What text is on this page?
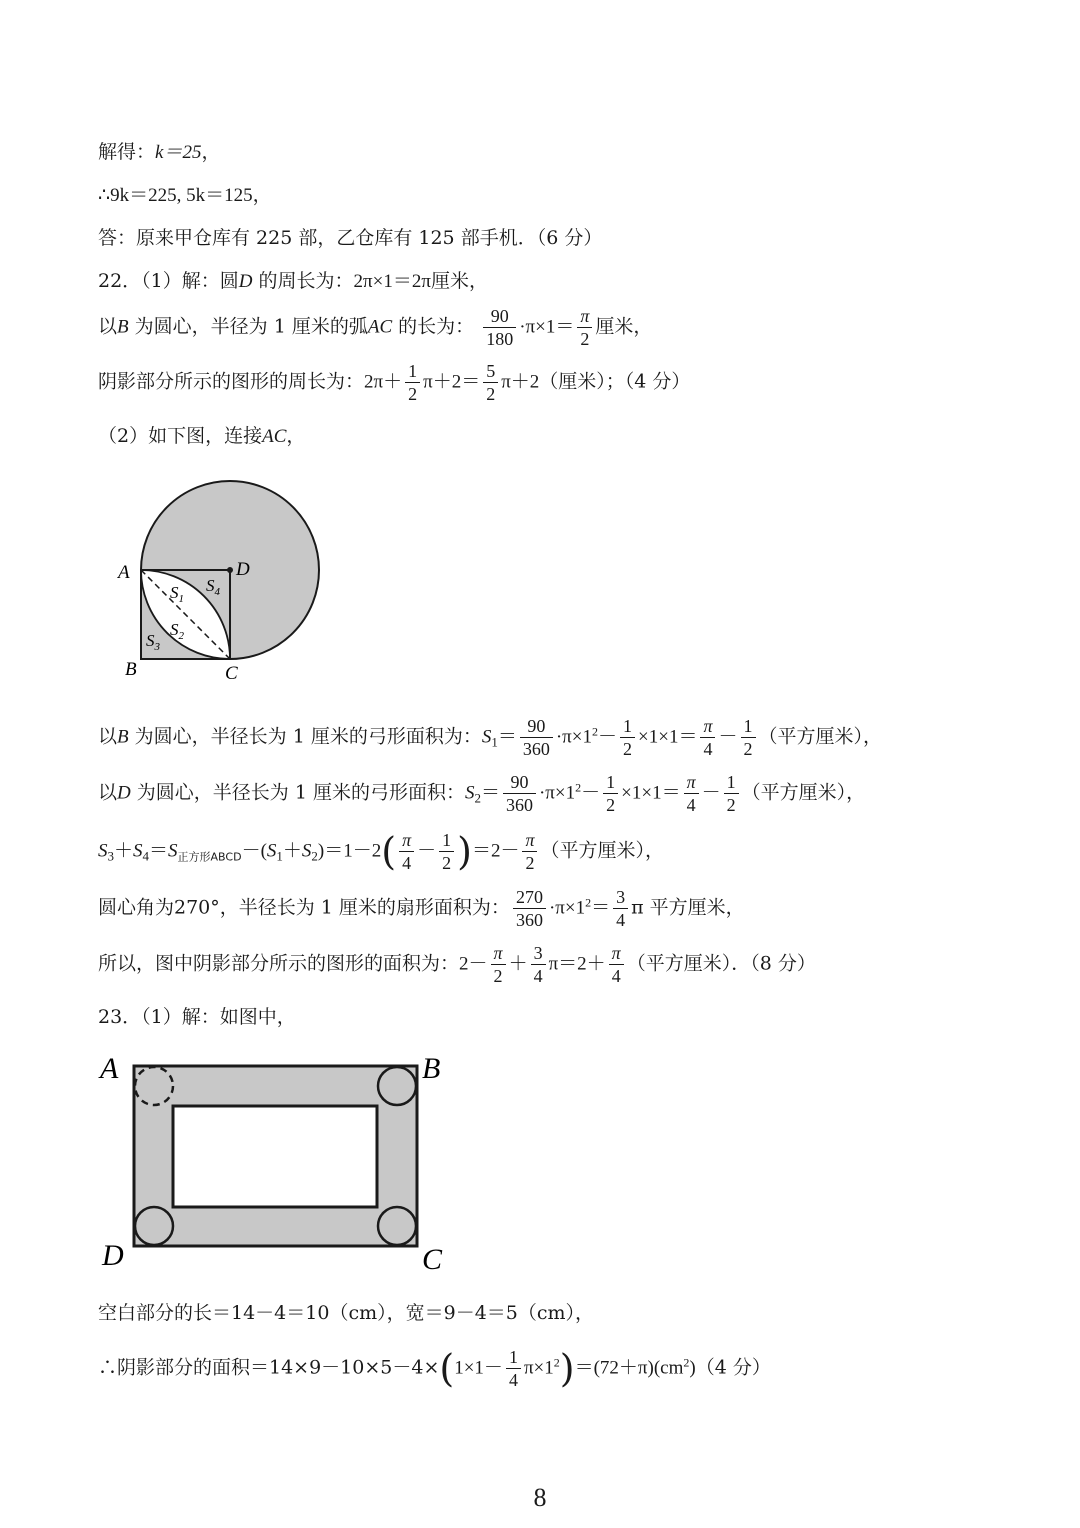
解得：k＝25，
∴9k＝225, 5k＝125，
答：原来甲仓库有 225 部，乙仓库有 125 部手机．（6 分）
22．（1）解：圆D 的周长为：2π×1＝2π厘米，
以B 为圆心，半径为 1 厘米的弧AC 的长为： $\frac{90}{180} \cdot\pi\times 1= \frac{\pi}{2}$ 厘米，
阴影部分所示的图形的周长为：$2\pi+ \frac{1}{2} \pi+2= \frac{5}{2} \pi+2$（厘米）；（4 分）
（2）如下图，连接AC，
A	D
B	C
$S_1$
$S_2$
$S_3$
$S_4$
以B 为圆心，半径长为 1 厘米的弓形面积为：$S_1= \frac{90}{360} \cdot\pi\times 1^2- \frac{1}{2} \times 1\times 1= \frac{\pi}{4} - \frac{1}{2}$ （平方厘米），
以D 为圆心，半径长为 1 厘米的弓形面积：$S_2= \frac{90}{360} \cdot\pi\times 1^2- \frac{1}{2} \times 1\times 1= \frac{\pi}{4} - \frac{1}{2}$ （平方厘米），
$S_3+S_4=S_{正方形ABCD}-(S_1+S_2)=1-2( \frac{\pi}{4} - \frac{1}{2} )=2- \frac{\pi}{2}$ （平方厘米），
圆心角为270°，半径长为 1 厘米的扇形面积为： $\frac{270}{360} \cdot\pi\times 1^2= \frac{3}{4}$ π 平方厘米，
所以，图中阴影部分所示的图形的面积为：$2- \frac{\pi}{2} + \frac{3}{4} \pi=2+ \frac{\pi}{4}$ （平方厘米）．（8 分）
23．（1）解：如图中，
A	B
D	C
空白部分的长＝14－4＝10（cm），宽＝9－4＝5（cm），
∴阴影部分的面积$=14\times 9-10\times 5-4\times(1\times 1- \frac{1}{4} \pi\times 1^2)=(72+\pi)(cm^2)(4$ 分）
8
